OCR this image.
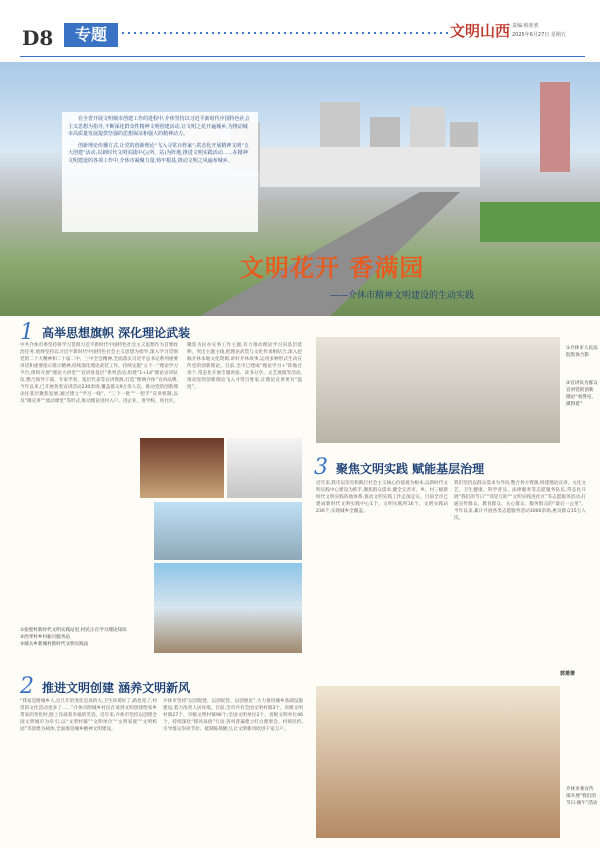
D8	专题	文明山西 责编:韩亚欣
2025年6月27日 星期五

在全省开展文明城市创建工作的进程中,介休坚持以习近平新时代中国特色社会主义思想为指导,不断深化群众性精神文明创建活动,让文明之花开遍城乡,为推动城市高质量发展提供坚强的思想保证和强大的精神动力。

创新理论传播方式,让党的创新理论“飞入寻常百姓家”;常态化开展精神文明“五大创建”活动;以新时代文明实践中心(所、站)为阵地,推进文明实践活动……在精神文明建设的各项工作中,介休市凝聚力量,铸牢根基,推动文明之风遍布城乡。

文明花开 香满园
——介休市精神文明建设的生动实践
1 高举思想旗帜 深化理论武装
中共介休市委坚持将学习贯彻习近平新时代中国特色社会主义思想作为首要政治任务,始终坚持以习近平新时代中国特色社会主义思想为指导,深入学习贯彻党的二十大精神和二十届二中、三中全会精神,全面落实习近平总书记系列重要讲话和重要指示批示精神,持续深化理论武装工作。持续实施“五个一”理论学习平台,组织开展“理论大讲堂”“宣讲进基层”系列活动,组建“1+14”理论宣讲队伍,整合领导干部、专家学者、基层代表等宣讲资源,打造“理响介休”宣讲品牌,今年以来,已开展各类宣讲活动230余场,覆盖群众9万余人次。推动党的创新理论往基层聚焦发展,通过建立“学习一线”、“三个一批”“一把手”宣讲机制,以及“微宣讲”“流动课堂”等形式,推动理论进村入户、进企业、进学校、进社区。
聚焦为民办实事工作主题,有力推动理论学习向基层延伸。突出主题主线,把理论武装与文化传承相结合,深入挖掘介休本地文化资源,讲好介休故事,运用多种形式生动宣传党的创新理论。目前,全市已建成“理论学习+”阵地百余个,常态化开展专题讲座、读书分享、文艺展演等活动,推动党的创新理论飞入寻常百姓家,让理论宣讲更有“温度”。
①介休市人民法院集体合影
②宣讲员为群众宣讲党的创新理论“看得见、摸得着”
①张壁村新时代文明实践站里,村民正在学习理论知识
②西孝村乡村振兴服务站
③城关乡新城村新时代文明实践站
3 聚焦文明实践 赋能基层治理
近年来,我市以培育和践行社会主义核心价值观为根本,以新时代文明实践中心建设为抓手,聚焦群众需求,健全完善市、乡、村三级新时代文明实践阵地体系,推动文明实践工作走深走实。目前全市已建成新时代文明实践中心1个、文明实践所16个、文明实践站236个,实现城乡全覆盖。
我们坚持以群众需求为导向,整合各方资源,组建理论宣讲、文化文艺、卫生健康、科学普及、法律服务等志愿服务队伍,常态化开展“我们的节日”“邻里互助”“文明实践进社区”等志愿服务活动,打通宣传群众、教育群众、关心群众、服务群众的“最后一公里”。今年以来,累计开展各类志愿服务活动3000余场,惠及群众15万人次。
郭萧萧
2 推进文明创建 涵养文明新风
“我家是附城乡人,这几年的变化是真的大,卫生环境好了,路也宽了,村里的文化活动也多了……”介休市附城乡村民在谈到文明创建给家乡带来的变化时,脸上洋溢着幸福的笑容。近年来,介休市坚持以创建全国文明城市为牵引,以“文明村镇”“文明单位”“文明家庭”“文明校园”等创建为载体,全面推进城乡精神文明建设。
介休市坚持“以创促建、以创促管、以创惠民”,大力推进城乡基础设施建设,着力改善人居环境。目前,全市共有全国文明村镇3个、省级文明村镇27个、市级文明村镇96个;全国文明单位2个、省级文明单位46个。持续深化“移风易俗”行动,各村普遍建立红白理事会、村规民约,引导群众崇尚节俭、抵制陈规陋习,让文明新风吹进千家万户。
介休市委宣传部开展“我们的节日·端午”活动
